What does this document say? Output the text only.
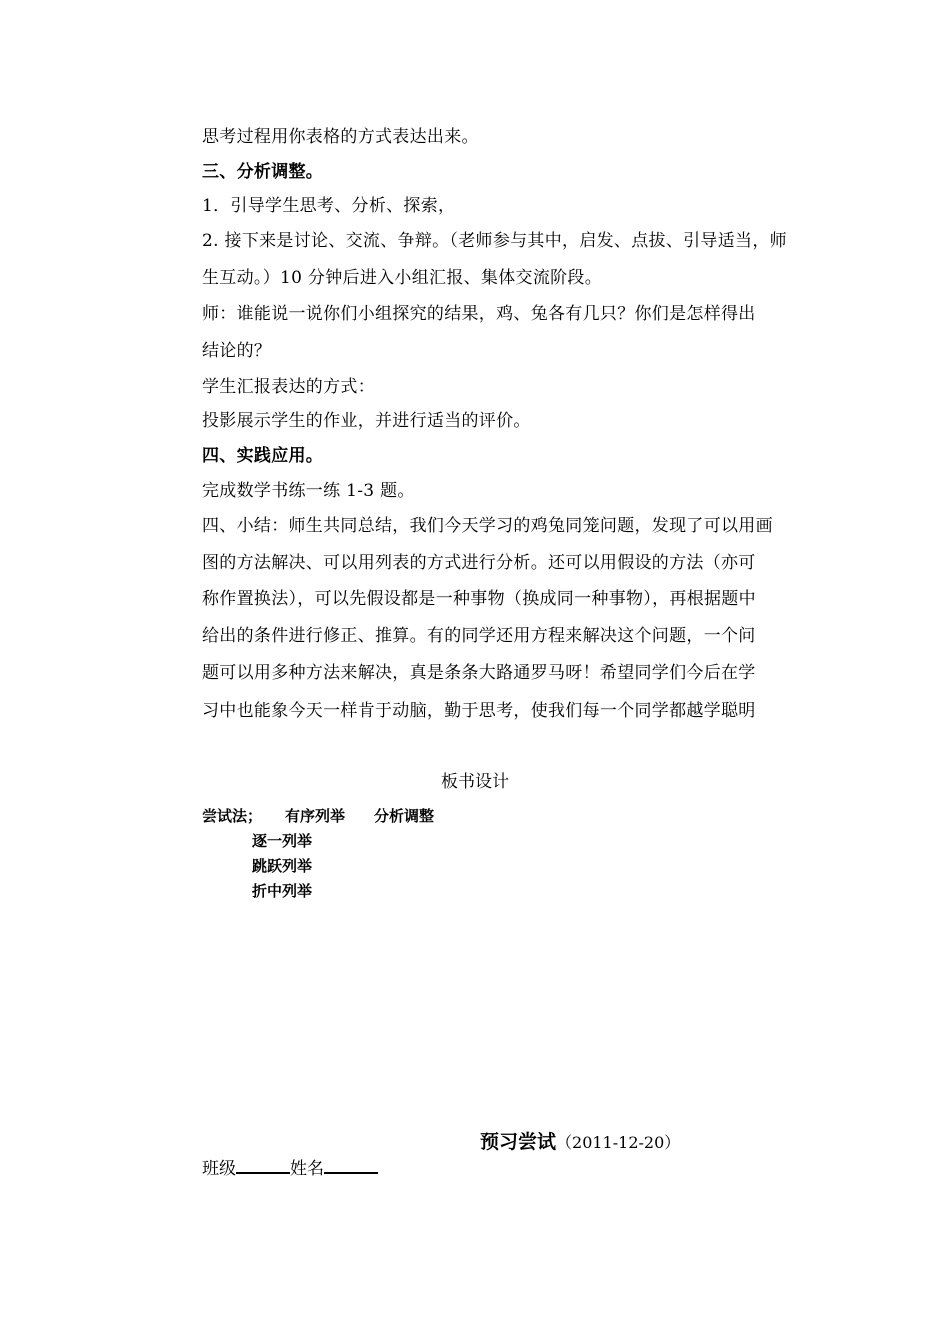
思考过程用你表格的方式表达出来。
三、分析调整。
1．引导学生思考、分析、探索，
2. 接下来是讨论、交流、争辩。（老师参与其中，启发、点拔、引导适当，师
生互动。）10 分钟后进入小组汇报、集体交流阶段。
师：谁能说一说你们小组探究的结果，鸡、兔各有几只？你们是怎样得出
结论的？
学生汇报表达的方式：
投影展示学生的作业，并进行适当的评价。
四、实践应用。
完成数学书练一练 1-3 题。
四、小结：师生共同总结，我们今天学习的鸡兔同笼问题，发现了可以用画
图的方法解决、可以用列表的方式进行分析。还可以用假设的方法（亦可
称作置换法），可以先假设都是一种事物（换成同一种事物），再根据题中
给出的条件进行修正、推算。有的同学还用方程来解决这个问题，一个问
题可以用多种方法来解决，真是条条大路通罗马呀！希望同学们今后在学
习中也能象今天一样肯于动脑，勤于思考，使我们每一个同学都越学聪明
板书设计
尝试法； 有序列举 分析调整
逐一列举
跳跃列举
折中列举
预习尝试（2011-12-20）
班级	姓名
